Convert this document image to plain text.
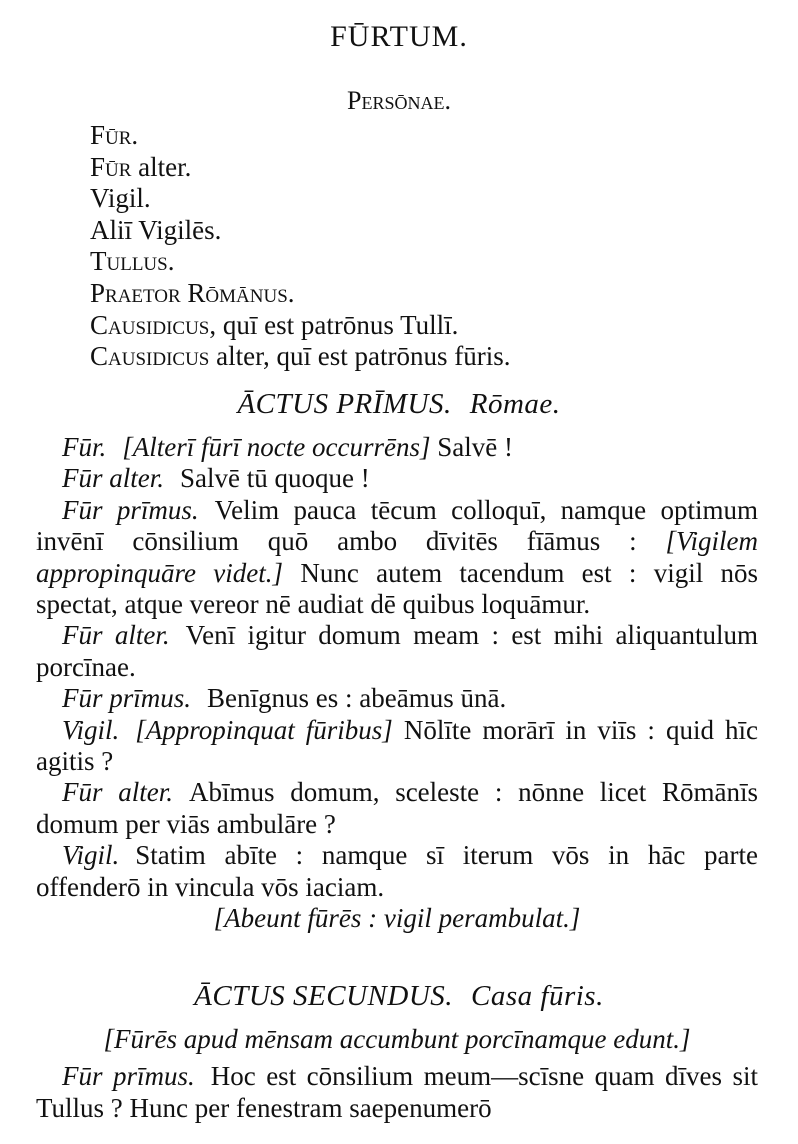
FŪRTUM.
Persōnae.
Fūr.
Fūr alter.
Vigil.
Aliī Vigilēs.
Tullus.
Praetor Rōmānus.
Causidicus, quī est patrōnus Tullī.
Causidicus alter, quī est patrōnus fūris.
ĀCTUS PRĪMUS. Rōmae.

Fūr. [Alterī fūrī nocte occurrēns] Salvē !

Fūr alter. Salvē tū quoque !

Fūr prīmus. Velim pauca tēcum colloquī, namque optimum invēnī cōnsilium quō ambo dīvitēs fīāmus : [Vigilem appropinquāre videt.] Nunc autem tacendum est : vigil nōs spectat, atque vereor nē audiat dē quibus loquāmur.

Fūr alter. Venī igitur domum meam : est mihi aliquantulum porcīnae.

Fūr prīmus. Benīgnus es : abeāmus ūnā.

Vigil. [Appropinquat fūribus] Nōlīte morārī in viīs : quid hīc agitis ?

Fūr alter. Abīmus domum, sceleste : nōnne licet Rōmānīs domum per viās ambulāre ?

Vigil. Statim abīte : namque sī iterum vōs in hāc parte offenderō in vincula vōs iaciam.

[Abeunt fūrēs : vigil perambulat.]
ĀCTUS SECUNDUS. Casa fūris.
[Fūrēs apud mēnsam accumbunt porcīnamque edunt.]

Fūr prīmus. Hoc est cōnsilium meum—scīsne quam dīves sit Tullus ? Hunc per fenestram saepenumerō
